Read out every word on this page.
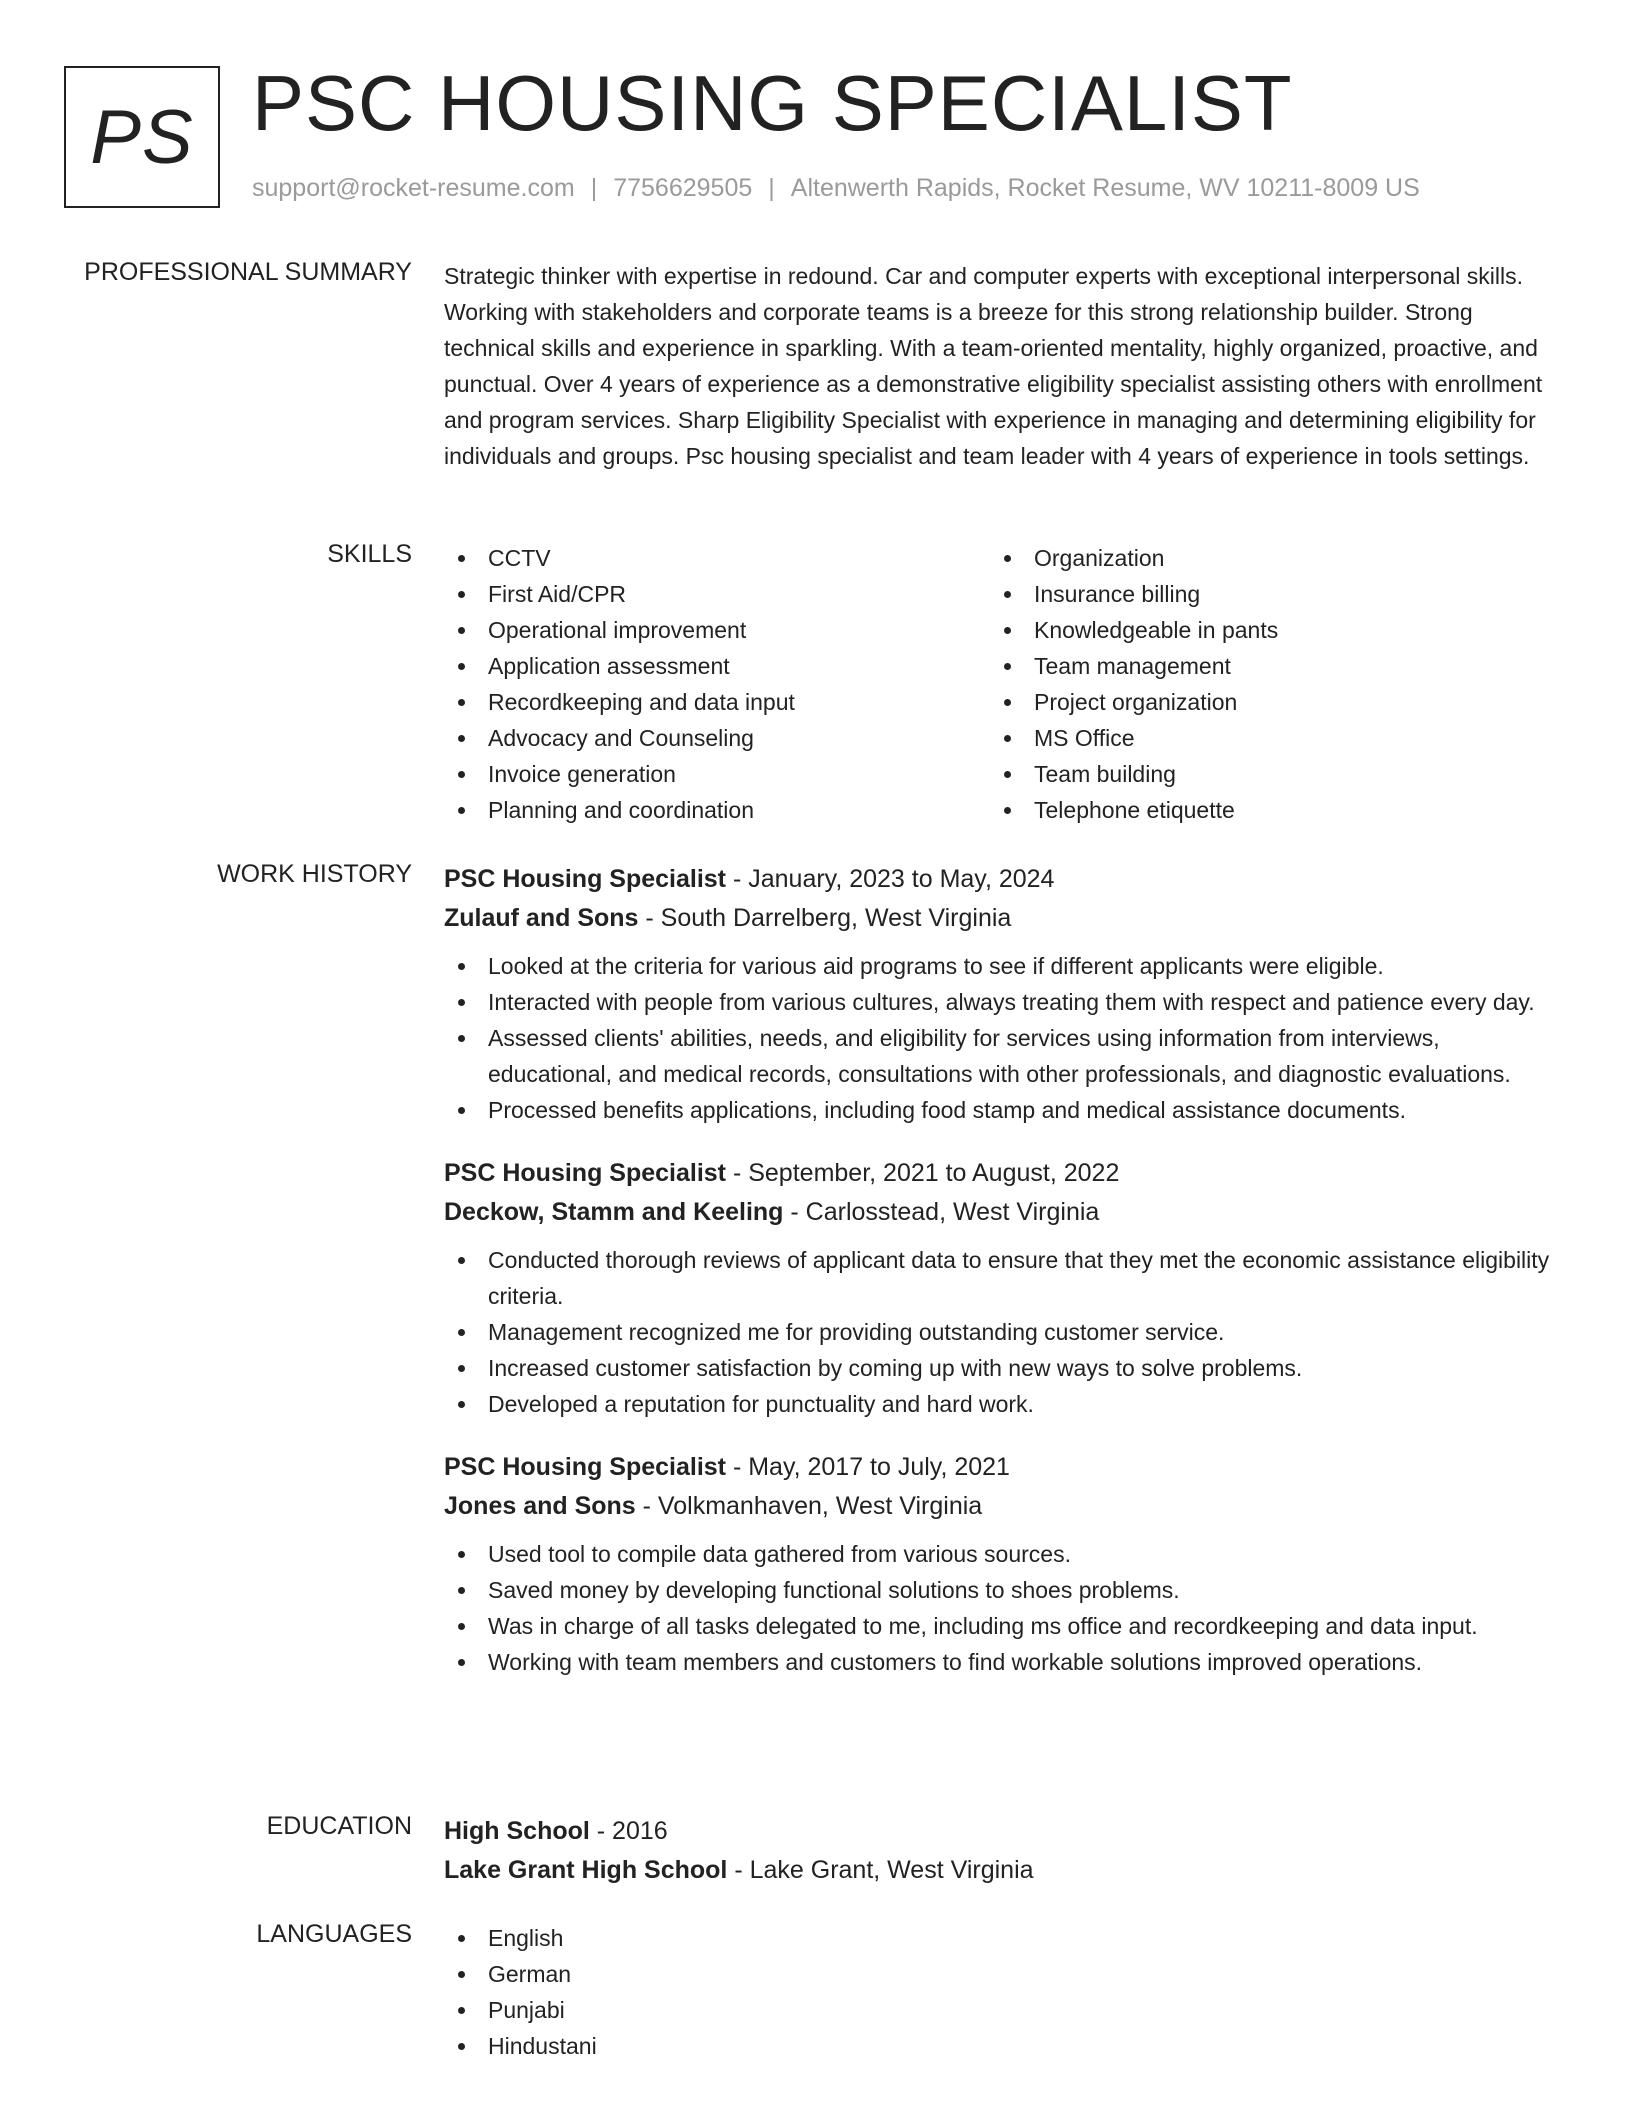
PS PSC HOUSING SPECIALIST
support@rocket-resume.com | 7756629505 | Altenwerth Rapids, Rocket Resume, WV 10211-8009 US
PROFESSIONAL SUMMARY Strategic thinker with expertise in redound. Car and computer experts with exceptional interpersonal skills. Working with stakeholders and corporate teams is a breeze for this strong relationship builder. Strong technical skills and experience in sparkling. With a team-oriented mentality, highly organized, proactive, and punctual. Over 4 years of experience as a demonstrative eligibility specialist assisting others with enrollment and program services. Sharp Eligibility Specialist with experience in managing and determining eligibility for individuals and groups. Psc housing specialist and team leader with 4 years of experience in tools settings.
SKILLS	CCTV
First Aid/CPR
Operational improvement
Application assessment
Recordkeeping and data input
Advocacy and Counseling
Invoice generation
Planning and coordination
Organization
Insurance billing
Knowledgeable in pants
Team management
Project organization
MS Office
Team building
Telephone etiquette
WORK HISTORY PSC Housing Specialist - January, 2023 to May, 2024
Zulauf and Sons - South Darrelberg, West Virginia
Looked at the criteria for various aid programs to see if different applicants were eligible.
Interacted with people from various cultures, always treating them with respect and patience every day.
Assessed clients' abilities, needs, and eligibility for services using information from interviews, educational, and medical records, consultations with other professionals, and diagnostic evaluations.
Processed benefits applications, including food stamp and medical assistance documents.
PSC Housing Specialist - September, 2021 to August, 2022
Deckow, Stamm and Keeling - Carlosstead, West Virginia
Conducted thorough reviews of applicant data to ensure that they met the economic assistance eligibility criteria.
Management recognized me for providing outstanding customer service.
Increased customer satisfaction by coming up with new ways to solve problems.
Developed a reputation for punctuality and hard work.
PSC Housing Specialist - May, 2017 to July, 2021
Jones and Sons - Volkmanhaven, West Virginia
Used tool to compile data gathered from various sources.
Saved money by developing functional solutions to shoes problems.
Was in charge of all tasks delegated to me, including ms office and recordkeeping and data input.
Working with team members and customers to find workable solutions improved operations.
EDUCATION High School - 2016
Lake Grant High School - Lake Grant, West Virginia
LANGUAGES	English
German
Punjabi
Hindustani
